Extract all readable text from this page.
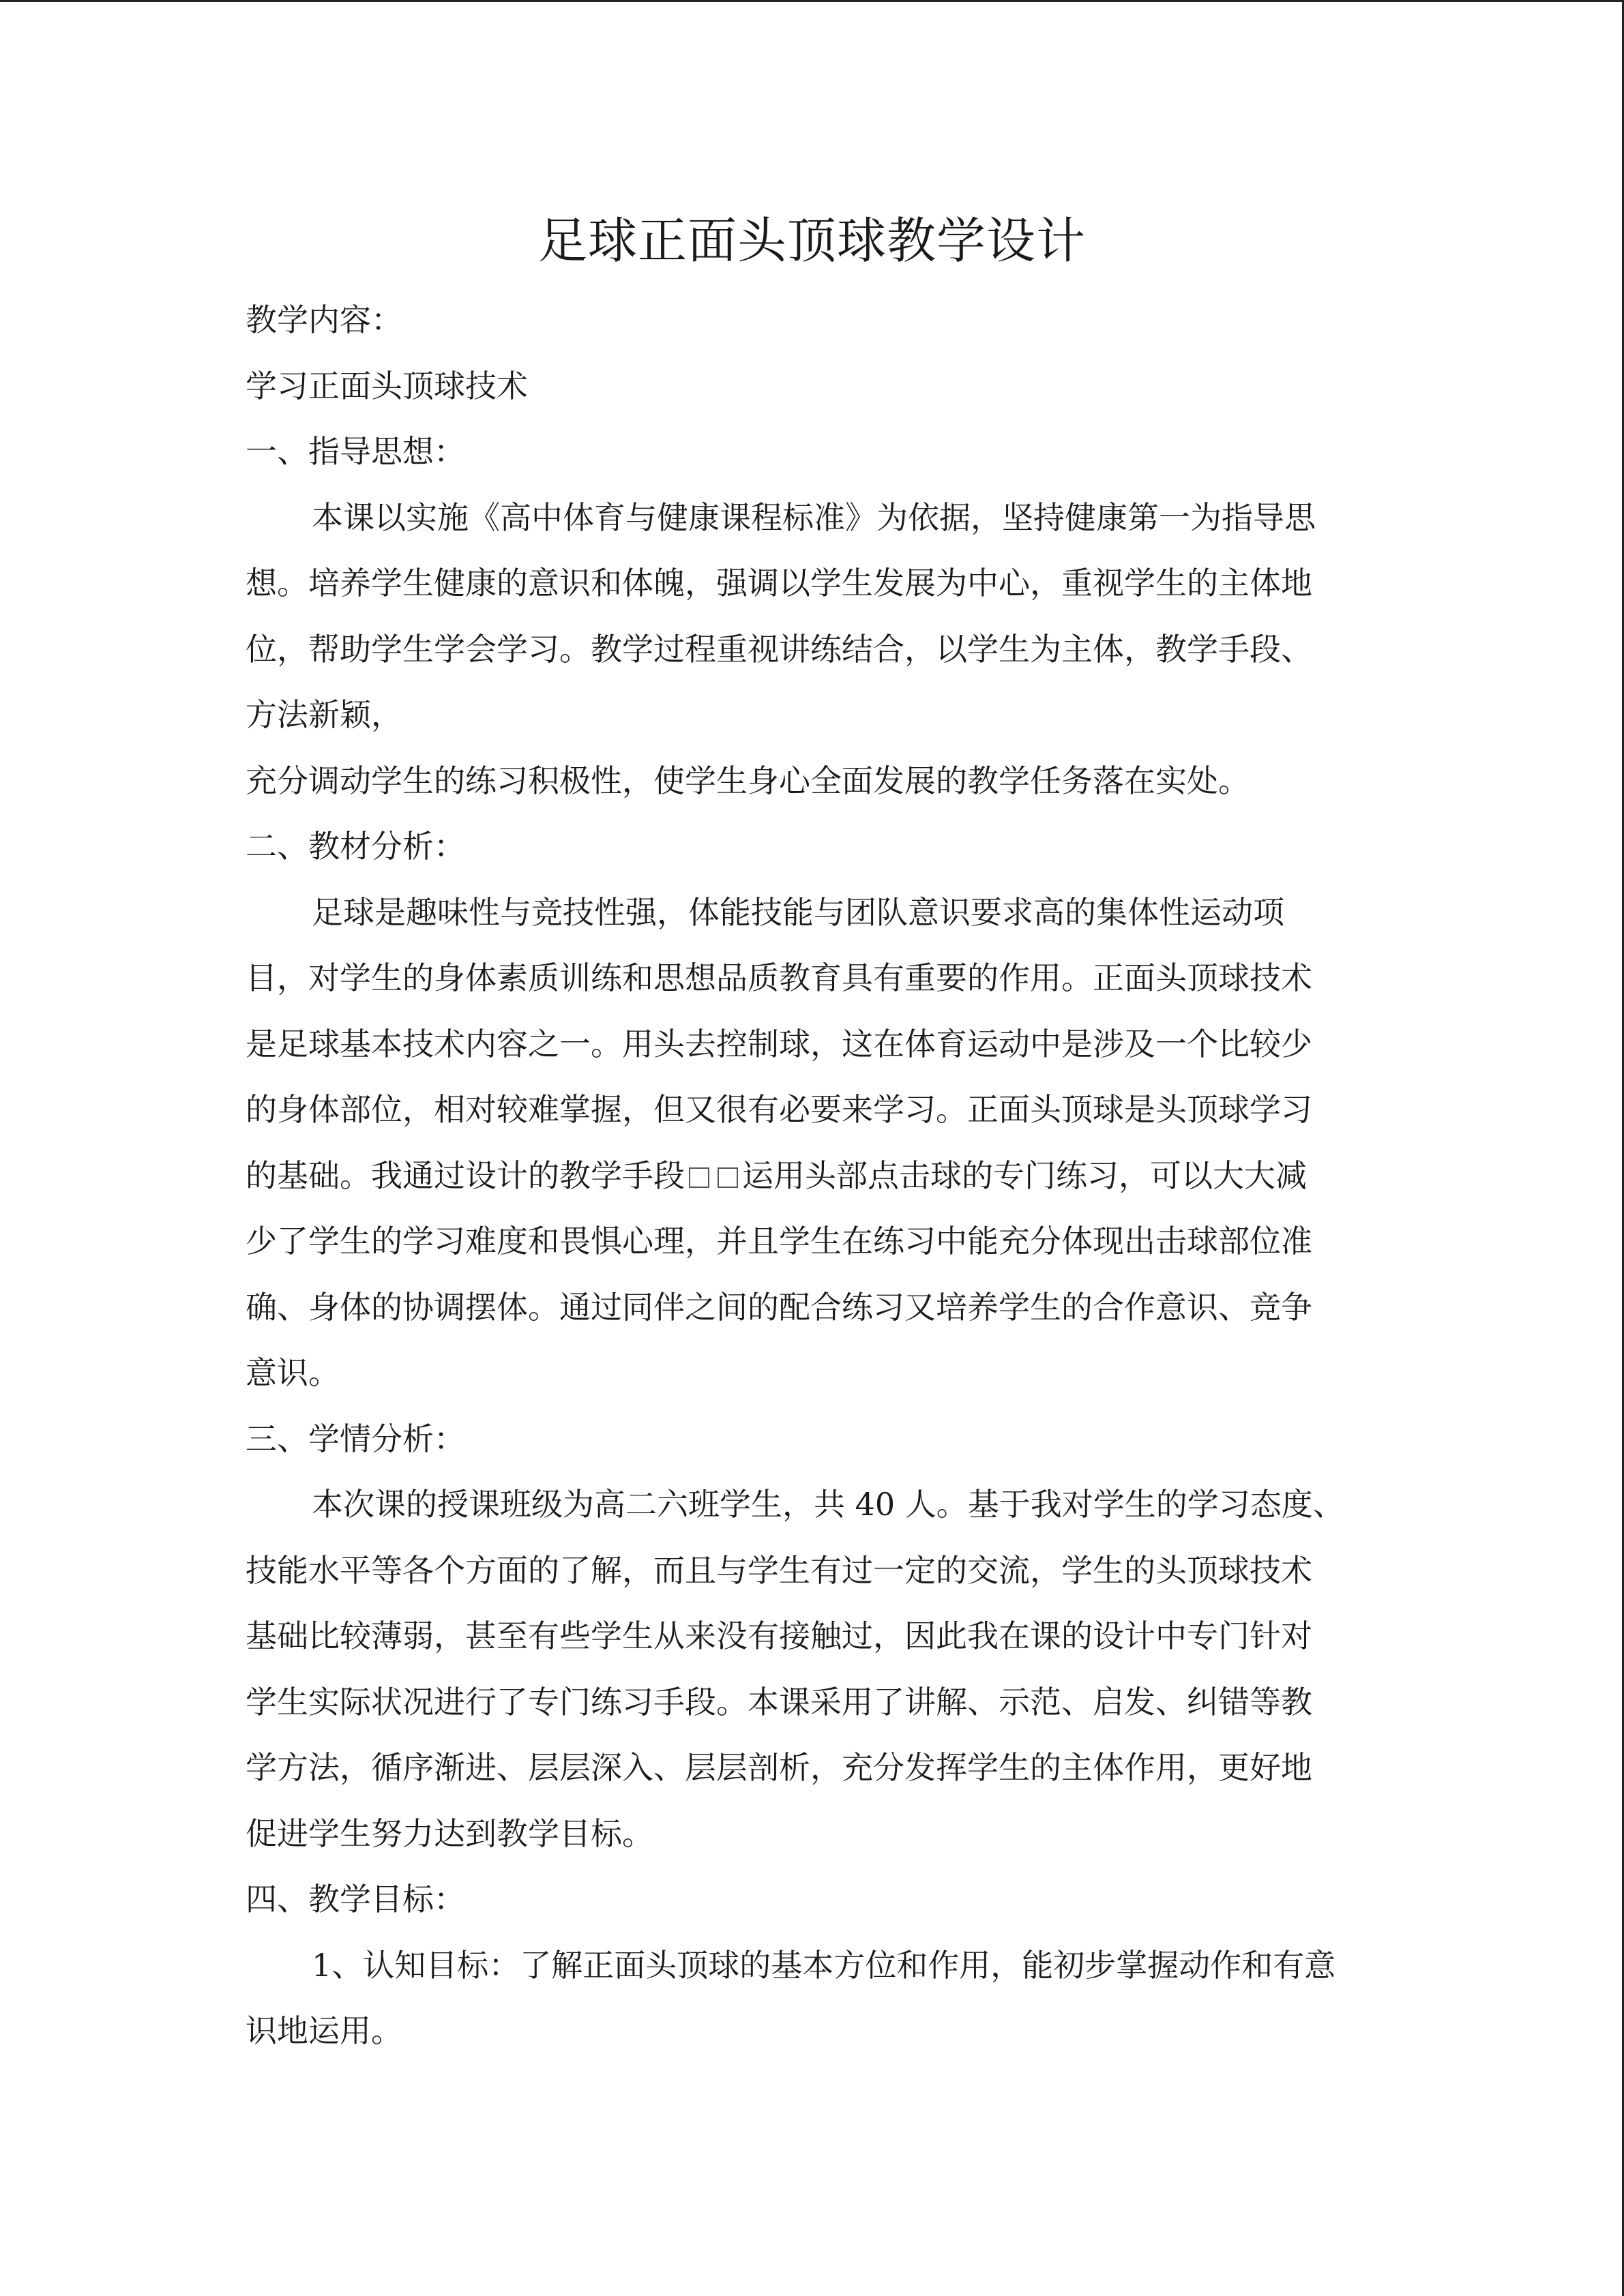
足球正面头顶球教学设计
教学内容：
学习正面头顶球技术
一、指导思想：
本课以实施《高中体育与健康课程标准》为依据，坚持健康第一为指导思
想。培养学生健康的意识和体魄，强调以学生发展为中心，重视学生的主体地
位，帮助学生学会学习。教学过程重视讲练结合，以学生为主体，教学手段、
方法新颖，
充分调动学生的练习积极性，使学生身心全面发展的教学任务落在实处。
二、教材分析：
足球是趣味性与竞技性强，体能技能与团队意识要求高的集体性运动项
目，对学生的身体素质训练和思想品质教育具有重要的作用。正面头顶球技术
是足球基本技术内容之一。用头去控制球，这在体育运动中是涉及一个比较少
的身体部位，相对较难掌握，但又很有必要来学习。正面头顶球是头顶球学习
的基础。我通过设计的教学手段 运用头部点击球的专门练习，可以大大减
少了学生的学习难度和畏惧心理，并且学生在练习中能充分体现出击球部位准
确、身体的协调摆体。通过同伴之间的配合练习又培养学生的合作意识、竞争
意识。
三、学情分析：
本次课的授课班级为高二六班学生，共 40 人。基于我对学生的学习态度、
技能水平等各个方面的了解，而且与学生有过一定的交流，学生的头顶球技术
基础比较薄弱，甚至有些学生从来没有接触过，因此我在课的设计中专门针对
学生实际状况进行了专门练习手段。本课采用了讲解、示范、启发、纠错等教
学方法，循序渐进、层层深入、层层剖析，充分发挥学生的主体作用，更好地
促进学生努力达到教学目标。
四、教学目标：
1、认知目标：了解正面头顶球的基本方位和作用，能初步掌握动作和有意
识地运用。
